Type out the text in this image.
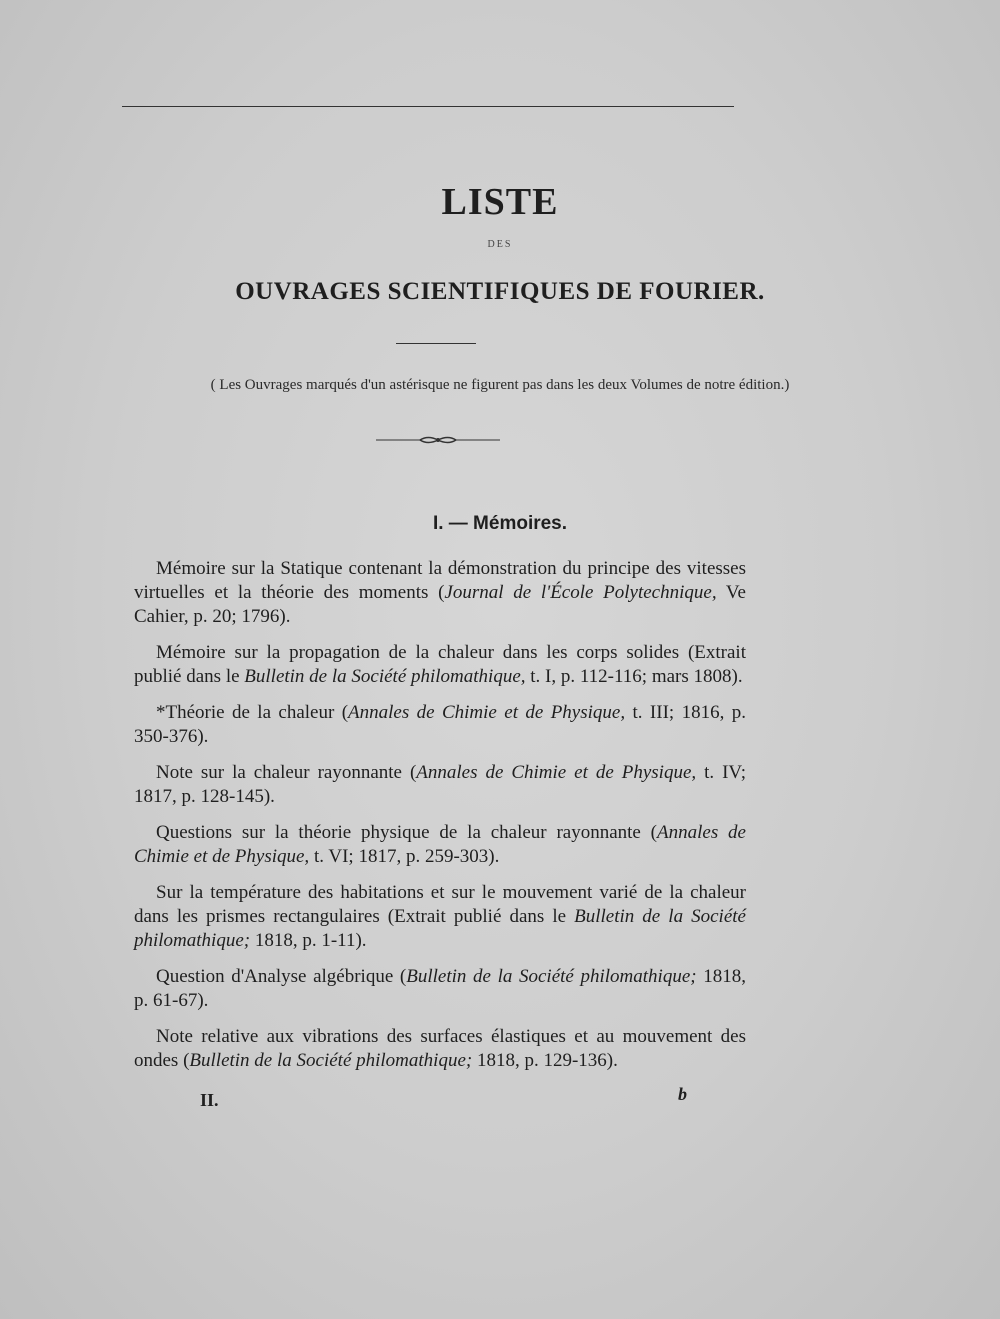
LISTE
DES
OUVRAGES SCIENTIFIQUES DE FOURIER.
( Les Ouvrages marqués d'un astérisque ne figurent pas dans les deux Volumes de notre édition.)
I. — Mémoires.

Mémoire sur la Statique contenant la démonstration du principe des vitesses virtuelles et la théorie des moments (Journal de l'École Polytechnique, Ve Cahier, p. 20; 1796).

Mémoire sur la propagation de la chaleur dans les corps solides (Extrait publié dans le Bulletin de la Société philomathique, t. I, p. 112-116; mars 1808).

*Théorie de la chaleur (Annales de Chimie et de Physique, t. III; 1816, p. 350-376).

Note sur la chaleur rayonnante (Annales de Chimie et de Physique, t. IV; 1817, p. 128-145).

Questions sur la théorie physique de la chaleur rayonnante (Annales de Chimie et de Physique, t. VI; 1817, p. 259-303).

Sur la température des habitations et sur le mouvement varié de la chaleur dans les prismes rectangulaires (Extrait publié dans le Bulletin de la Société philomathique; 1818, p. 1-11).

Question d'Analyse algébrique (Bulletin de la Société philomathique; 1818, p. 61-67).

Note relative aux vibrations des surfaces élastiques et au mouvement des ondes (Bulletin de la Société philomathique; 1818, p. 129-136).

II.	b
